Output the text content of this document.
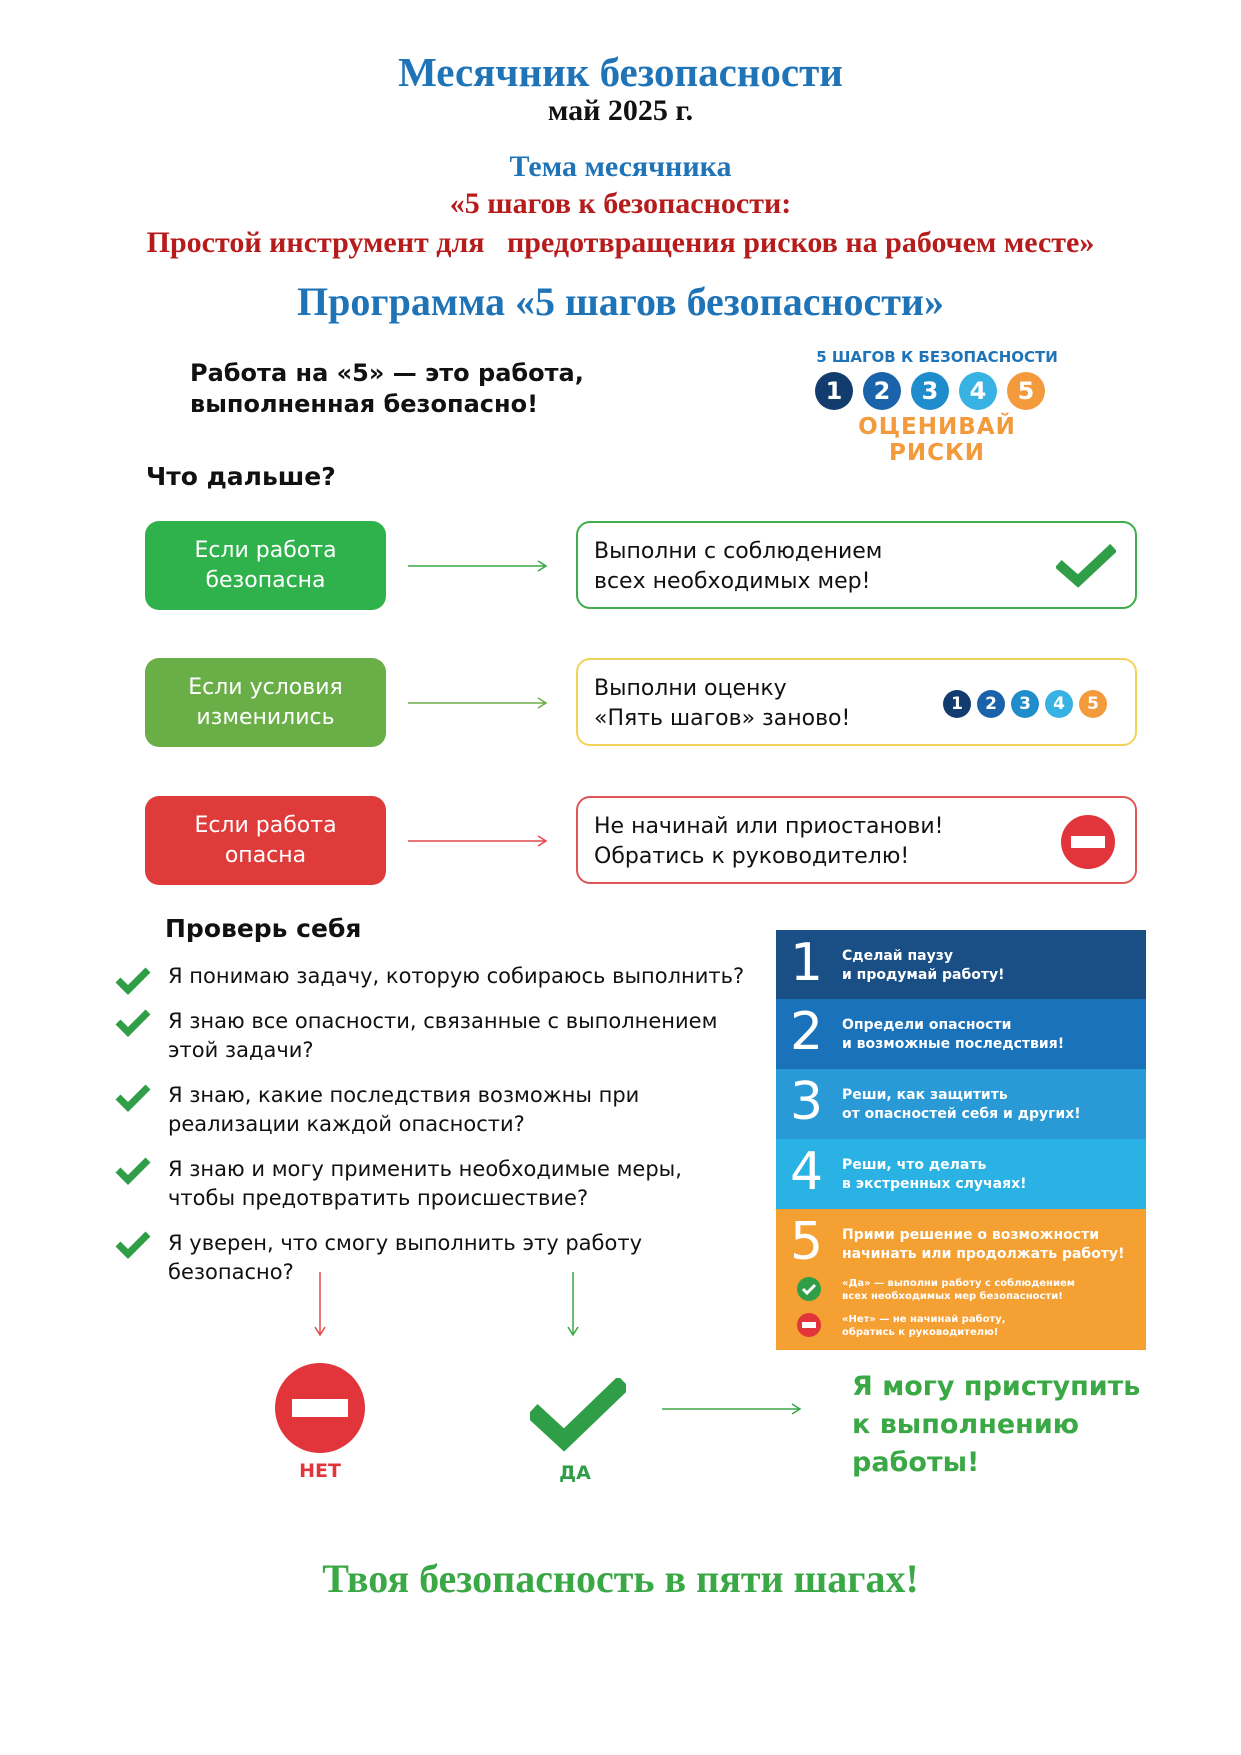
Месячник безопасности
май 2025 г.
Тема месячника
«5 шагов к безопасности:
Простой инструмент для   предотвращения рисков на рабочем месте»
Программа «5 шагов безопасности»
Работа на «5» — это работа,
выполненная безопасно!
5 ШАГОВ К БЕЗОПАСНОСТИ
1	2	3	4	5
ОЦЕНИВАЙ РИСКИ
Что дальше?
Если работа
безопасна
Выполни с соблюдением
всех необходимых мер!
Если условия
изменились
Выполни оценку
«Пять шагов» заново!
1	2	3	4	5
Если работа
опасна
Не начинай или приостанови!
Обратись к руководителю!
Проверь себя
Я понимаю задачу, которую собираюсь выполнить?
Я знаю все опасности, связанные с выполнением
этой задачи?
Я знаю, какие последствия возможны при
реализации каждой опасности?
Я знаю и могу применить необходимые меры,
чтобы предотвратить происшествие?
Я уверен, что смогу выполнить эту работу
безопасно?
1 Сделай паузу
и продумай работу!
2 Определи опасности
и возможные последствия!
3 Реши, как защитить
от опасностей себя и других!
4 Реши, что делать
в экстренных случаях!
5 Прими решение о возможности
начинать или продолжать работу!
«Да» — выполни работу с соблюдением
всех необходимых мер безопасности!
«Нет» — не начинай работу,
обратись к руководителю!
НЕТ	ДА
Я могу приступить
к выполнению
работы!
Твоя безопасность в пяти шагах!
